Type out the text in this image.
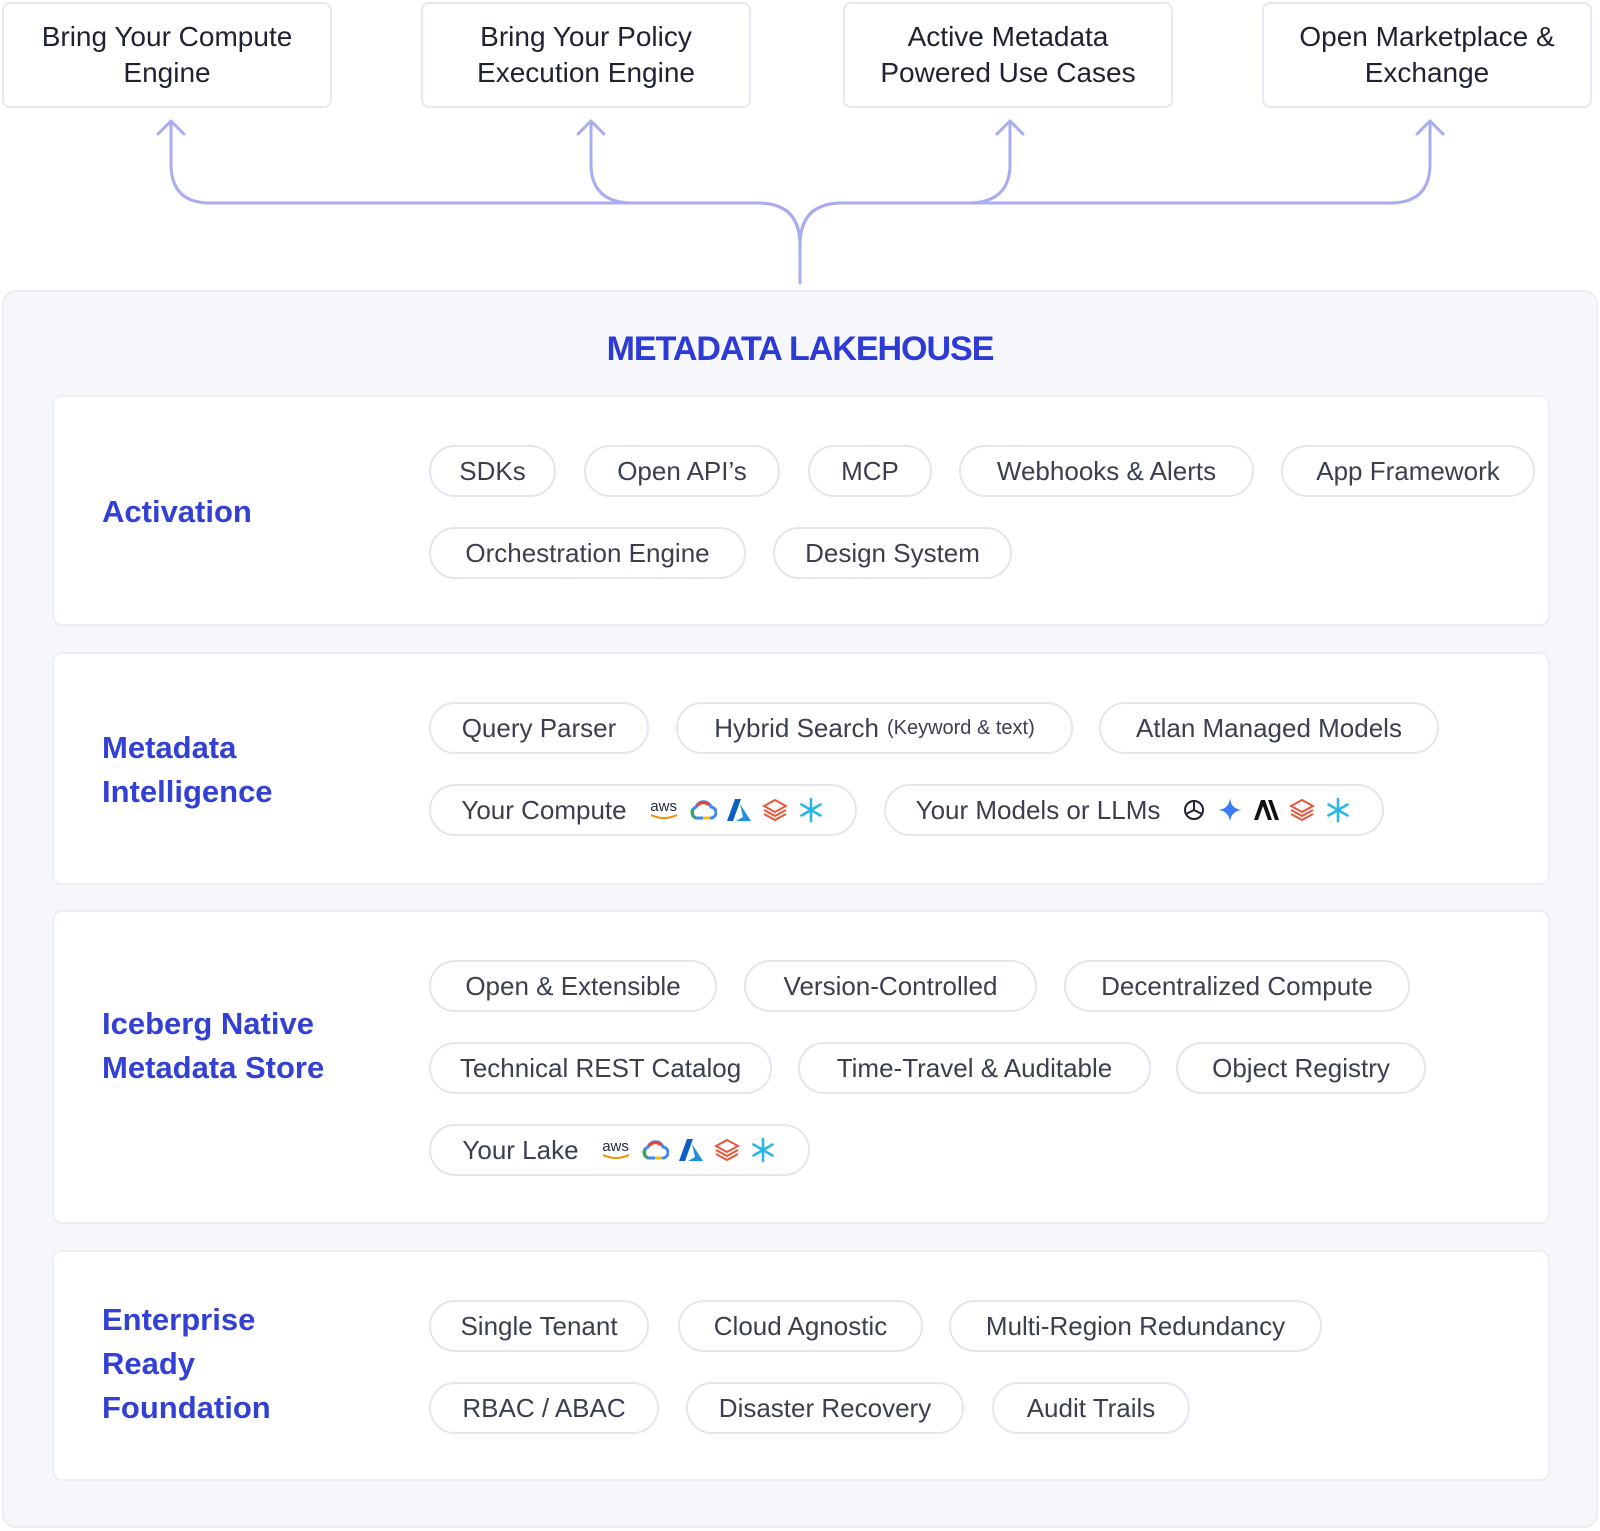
Bring Your Compute Engine
Bring Your Policy Execution Engine
Active Metadata Powered Use Cases
Open Marketplace & Exchange
METADATA LAKEHOUSE
Activation
SDKs	Open API’s	MCP	Webhooks & Alerts	App Framework
Orchestration Engine	Design System
Metadata Intelligence
Query Parser	Hybrid Search (Keyword & text)	Atlan Managed Models
Your Compute aws	Your Models or LLMs
Iceberg Native Metadata Store
Open & Extensible	Version-Controlled	Decentralized Compute
Technical REST Catalog	Time-Travel & Auditable	Object Registry
Your Lake aws
Enterprise Ready Foundation
Single Tenant	Cloud Agnostic	Multi-Region Redundancy
RBAC / ABAC	Disaster Recovery	Audit Trails
